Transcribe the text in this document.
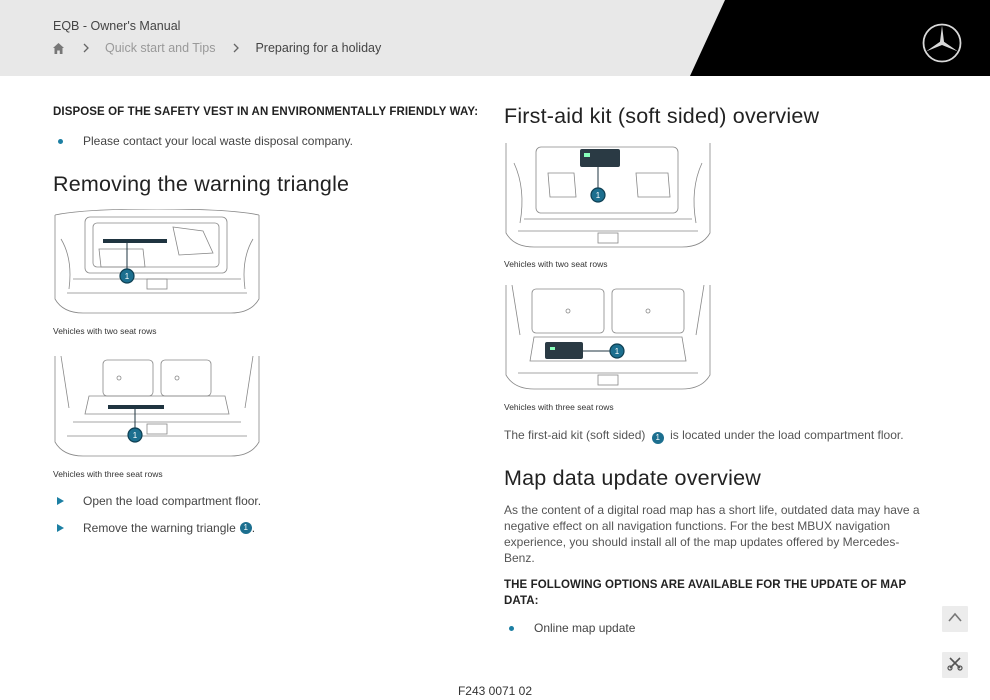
EQB - Owner's Manual
Quick start and Tips	Preparing for a holiday
DISPOSE OF THE SAFETY VEST IN AN ENVIRONMENTALLY FRIENDLY WAY:
Please contact your local waste disposal company.
Removing the warning triangle
1
Vehicles with two seat rows
1
Vehicles with three seat rows
Open the load compartment floor.
Remove the warning triangle 1 .
First-aid kit (soft sided) overview
1
Vehicles with two seat rows
1
Vehicles with three seat rows
The first-aid kit (soft sided) 1 is located under the load compartment floor.
Map data update overview
As the content of a digital road map has a short life, outdated data may have a negative effect on all navigation functions. For the best MBUX navigation experience, you should install all of the map updates offered by Mercedes-Benz.
THE FOLLOWING OPTIONS ARE AVAILABLE FOR THE UPDATE OF MAP DATA:
Online map update
F243 0071 02
